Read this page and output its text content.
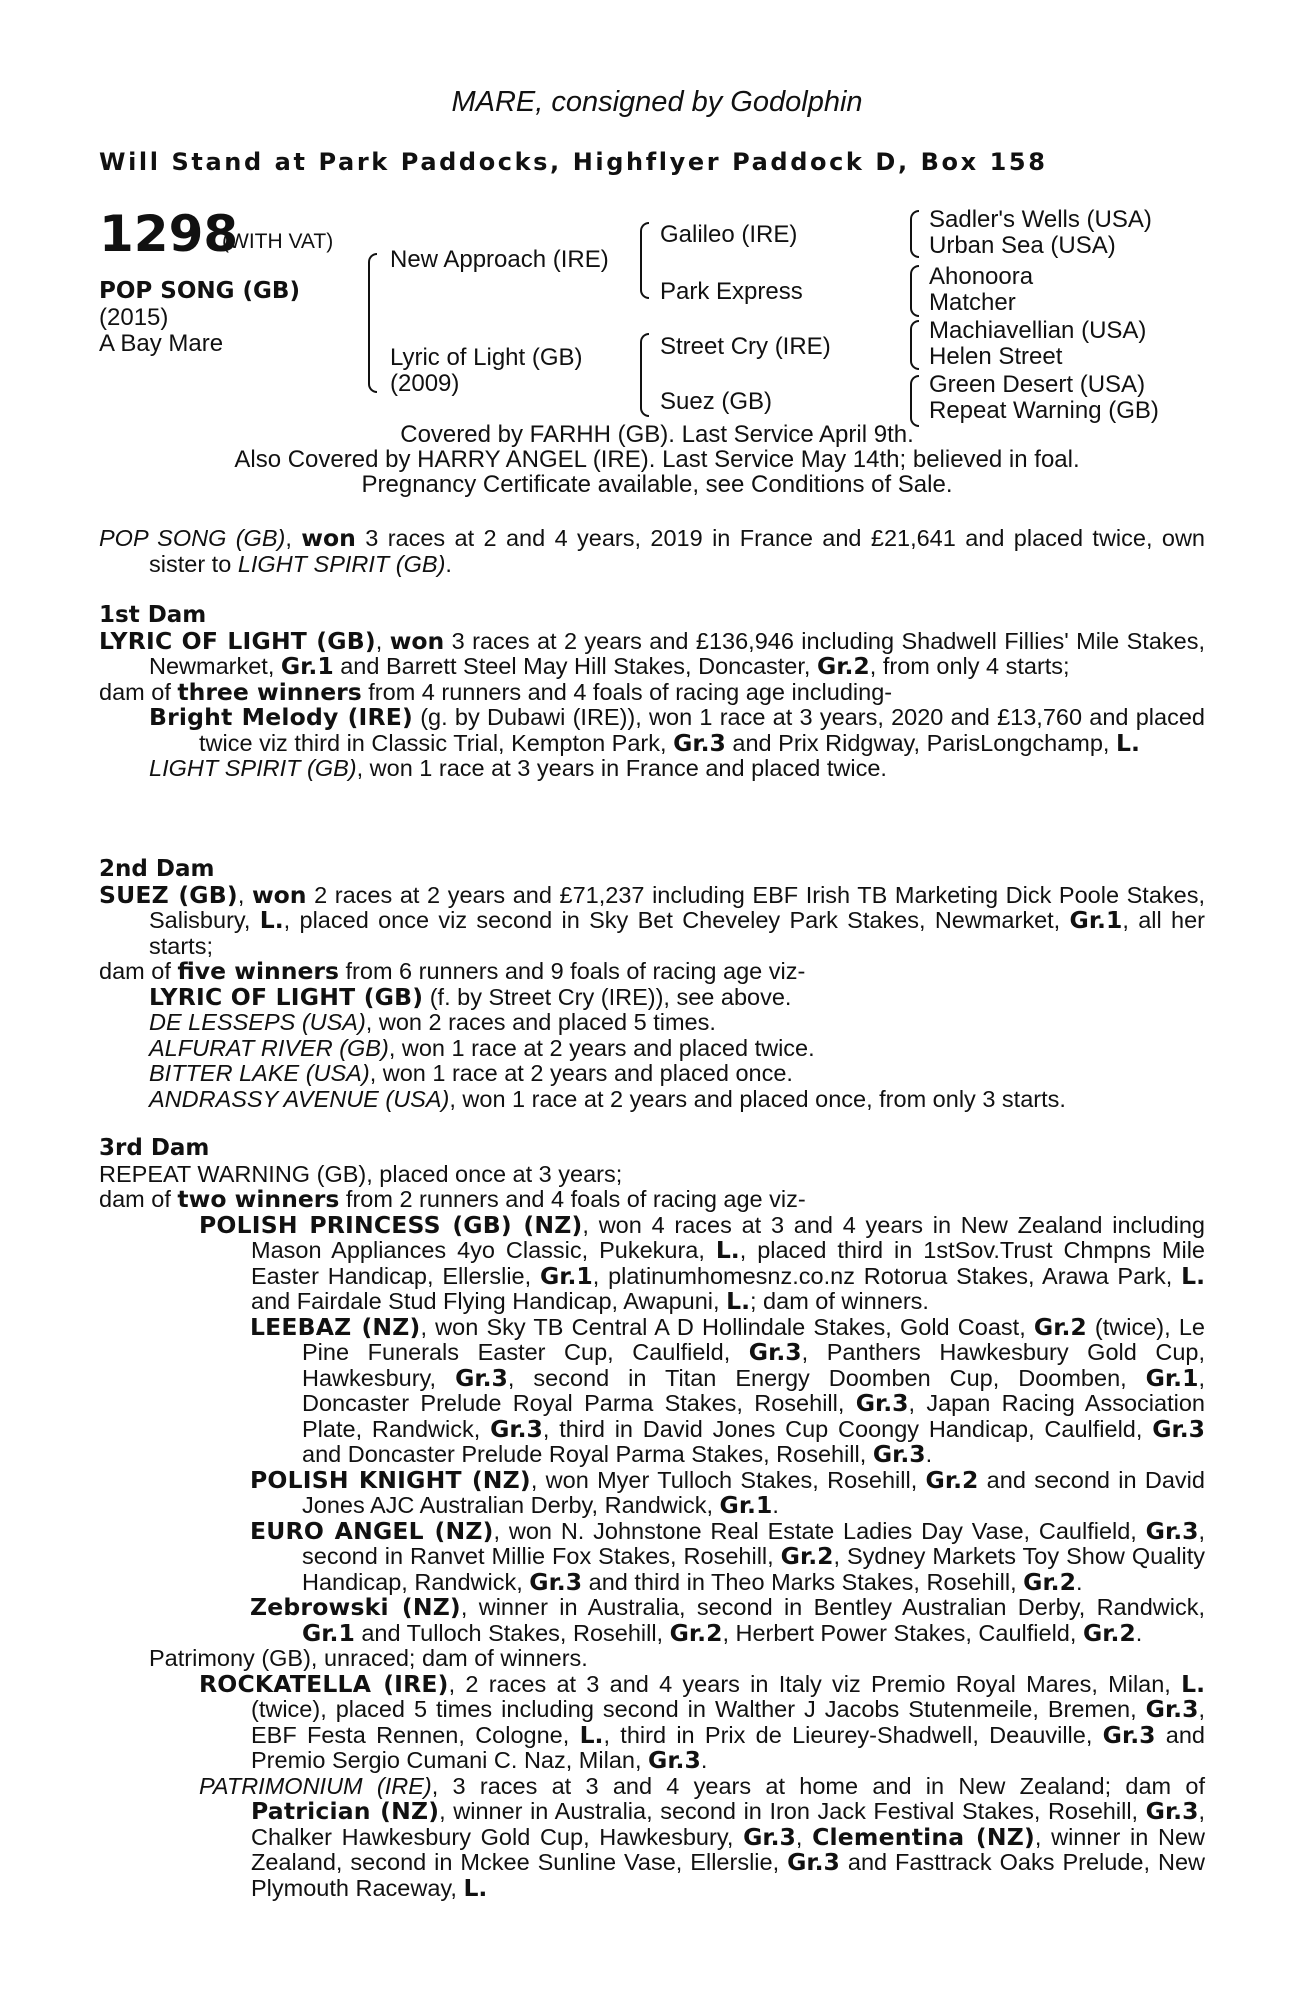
MARE, consigned by Godolphin
Will Stand at Park Paddocks, Highflyer Paddock D, Box 158
1298
(WITH VAT)
POP SONG (GB)
(2015)
A Bay Mare
New Approach (IRE)
Lyric of Light (GB)
(2009)
Galileo (IRE)
Park Express
Street Cry (IRE)
Suez (GB)
Sadler's Wells (USA)
Urban Sea (USA)
Ahonoora
Matcher
Machiavellian (USA)
Helen Street
Green Desert (USA)
Repeat Warning (GB)
Covered by FARHH (GB). Last Service April 9th.
Also Covered by HARRY ANGEL (IRE). Last Service May 14th; believed in foal.
Pregnancy Certificate available, see Conditions of Sale.

POP SONG (GB), won 3 races at 2 and 4 years, 2019 in France and £21,641 and placed twice, own sister to LIGHT SPIRIT (GB).

1st Dam

LYRIC OF LIGHT (GB), won 3 races at 2 years and £136,946 including Shadwell Fillies' Mile Stakes, Newmarket, Gr.1 and Barrett Steel May Hill Stakes, Doncaster, Gr.2, from only 4 starts;

dam of three winners from 4 runners and 4 foals of racing age including-

Bright Melody (IRE) (g. by Dubawi (IRE)), won 1 race at 3 years, 2020 and £13,760 and placed twice viz third in Classic Trial, Kempton Park, Gr.3 and Prix Ridgway, ParisLongchamp, L.

LIGHT SPIRIT (GB), won 1 race at 3 years in France and placed twice.

2nd Dam

SUEZ (GB), won 2 races at 2 years and £71,237 including EBF Irish TB Marketing Dick Poole Stakes, Salisbury, L., placed once viz second in Sky Bet Cheveley Park Stakes, Newmarket, Gr.1, all her starts;

dam of five winners from 6 runners and 9 foals of racing age viz-

LYRIC OF LIGHT (GB) (f. by Street Cry (IRE)), see above.

DE LESSEPS (USA), won 2 races and placed 5 times.

ALFURAT RIVER (GB), won 1 race at 2 years and placed twice.

BITTER LAKE (USA), won 1 race at 2 years and placed once.

ANDRASSY AVENUE (USA), won 1 race at 2 years and placed once, from only 3 starts.

3rd Dam

REPEAT WARNING (GB), placed once at 3 years;

dam of two winners from 2 runners and 4 foals of racing age viz-

POLISH PRINCESS (GB) (NZ), won 4 races at 3 and 4 years in New Zealand including Mason Appliances 4yo Classic, Pukekura, L., placed third in 1stSov.Trust Chmpns Mile Easter Handicap, Ellerslie, Gr.1, platinumhomesnz.co.nz Rotorua Stakes, Arawa Park, L. and Fairdale Stud Flying Handicap, Awapuni, L.; dam of winners.

LEEBAZ (NZ), won Sky TB Central A D Hollindale Stakes, Gold Coast, Gr.2 (twice), Le Pine Funerals Easter Cup, Caulfield, Gr.3, Panthers Hawkesbury Gold Cup, Hawkesbury, Gr.3, second in Titan Energy Doomben Cup, Doomben, Gr.1, Doncaster Prelude Royal Parma Stakes, Rosehill, Gr.3, Japan Racing Association Plate, Randwick, Gr.3, third in David Jones Cup Coongy Handicap, Caulfield, Gr.3 and Doncaster Prelude Royal Parma Stakes, Rosehill, Gr.3.

POLISH KNIGHT (NZ), won Myer Tulloch Stakes, Rosehill, Gr.2 and second in David Jones AJC Australian Derby, Randwick, Gr.1.

EURO ANGEL (NZ), won N. Johnstone Real Estate Ladies Day Vase, Caulfield, Gr.3, second in Ranvet Millie Fox Stakes, Rosehill, Gr.2, Sydney Markets Toy Show Quality Handicap, Randwick, Gr.3 and third in Theo Marks Stakes, Rosehill, Gr.2.

Zebrowski (NZ), winner in Australia, second in Bentley Australian Derby, Randwick, Gr.1 and Tulloch Stakes, Rosehill, Gr.2, Herbert Power Stakes, Caulfield, Gr.2.

Patrimony (GB), unraced; dam of winners.

ROCKATELLA (IRE), 2 races at 3 and 4 years in Italy viz Premio Royal Mares, Milan, L. (twice), placed 5 times including second in Walther J Jacobs Stutenmeile, Bremen, Gr.3, EBF Festa Rennen, Cologne, L., third in Prix de Lieurey-Shadwell, Deauville, Gr.3 and Premio Sergio Cumani C. Naz, Milan, Gr.3.

PATRIMONIUM (IRE), 3 races at 3 and 4 years at home and in New Zealand; dam of Patrician (NZ), winner in Australia, second in Iron Jack Festival Stakes, Rosehill, Gr.3, Chalker Hawkesbury Gold Cup, Hawkesbury, Gr.3, Clementina (NZ), winner in New Zealand, second in Mckee Sunline Vase, Ellerslie, Gr.3 and Fasttrack Oaks Prelude, New Plymouth Raceway, L.
